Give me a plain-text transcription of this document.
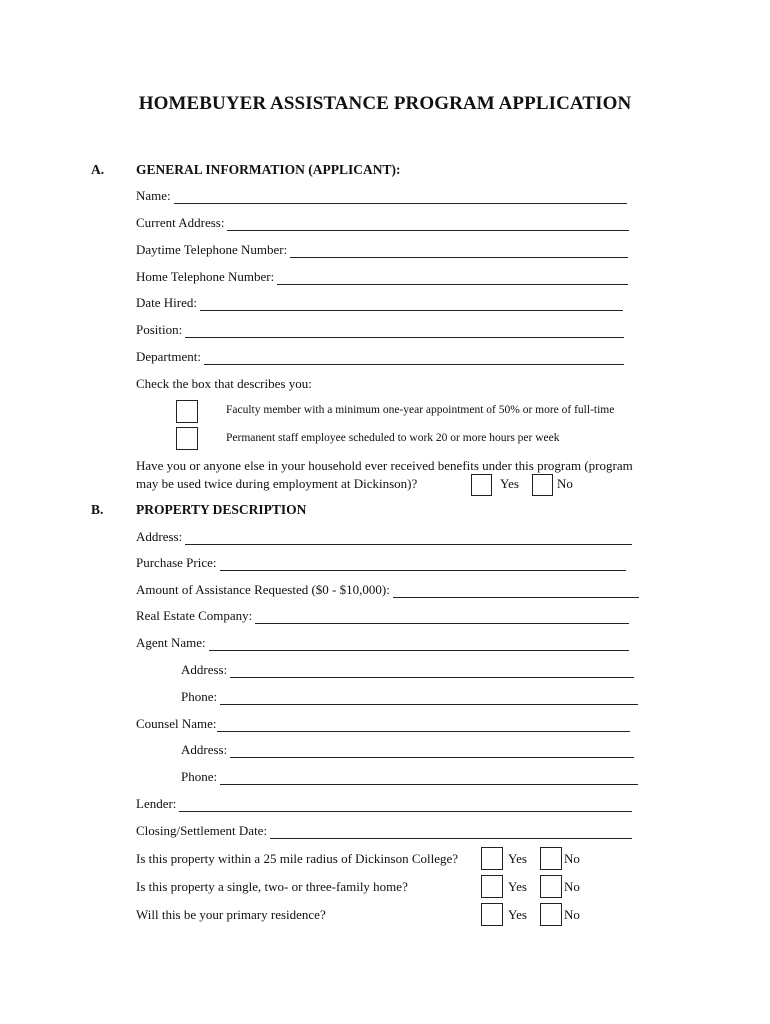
HOMEBUYER ASSISTANCE PROGRAM APPLICATION
A. GENERAL INFORMATION (APPLICANT):
Name:
Current Address:
Daytime Telephone Number:
Home Telephone Number:
Date Hired:
Position:
Department:
Check the box that describes you:
Faculty member with a minimum one-year appointment of 50% or more of full-time
Permanent staff employee scheduled to work 20 or more hours per week
Have you or anyone else in your household ever received benefits under this program (program
may be used twice during employment at Dickinson)?	Yes	No
B. PROPERTY DESCRIPTION
Address:
Purchase Price:
Amount of Assistance Requested ($0 - $10,000):
Real Estate Company:
Agent Name:
Address:
Phone:
Counsel Name:
Address:
Phone:
Lender:
Closing/Settlement Date:
Is this property within a 25 mile radius of Dickinson College?	Yes	No
Is this property a single, two- or three-family home?	Yes	No
Will this be your primary residence?	Yes	No
